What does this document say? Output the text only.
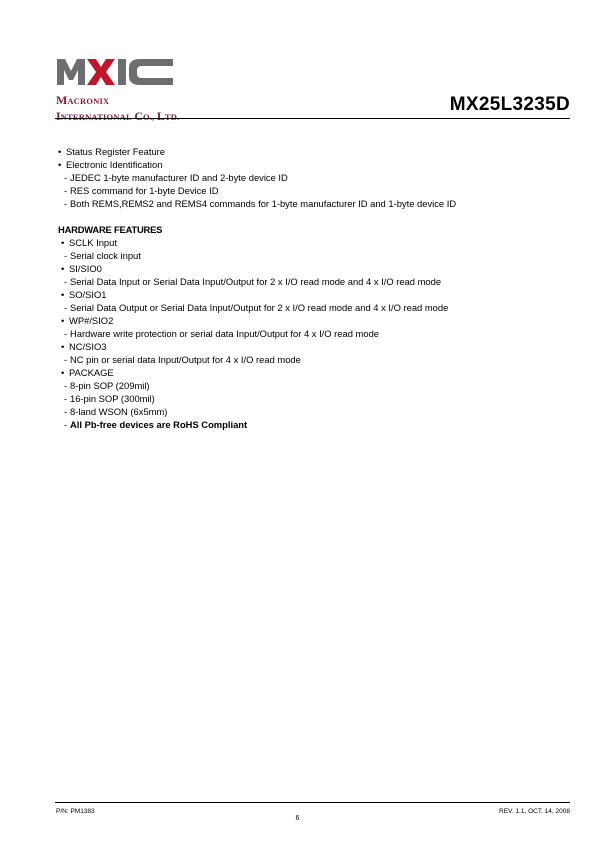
MACRONIX
INTERNATIONAL CO., LTD.
MX25L3235D
• Status Register Feature
• Electronic Identification
- JEDEC 1-byte manufacturer ID and 2-byte device ID
- RES command for 1-byte Device ID
- Both REMS,REMS2 and REMS4 commands for 1-byte manufacturer ID and 1-byte device ID
HARDWARE FEATURES
• SCLK Input
- Serial clock input
• SI/SIO0
- Serial Data Input or Serial Data Input/Output for 2 x I/O read mode and 4 x I/O read mode
• SO/SIO1
- Serial Data Output or Serial Data Input/Output for 2 x I/O read mode and 4 x I/O read mode
• WP#/SIO2
- Hardware write protection or serial data Input/Output for 4 x I/O read mode
• NC/SIO3
- NC pin or serial data Input/Output for 4 x I/O read mode
• PACKAGE
- 8-pin SOP (209mil)
- 16-pin SOP (300mil)
- 8-land WSON (6x5mm)
- All Pb-free devices are RoHS Compliant
P/N: PM1383	REV. 1.1, OCT. 14, 2008
6
